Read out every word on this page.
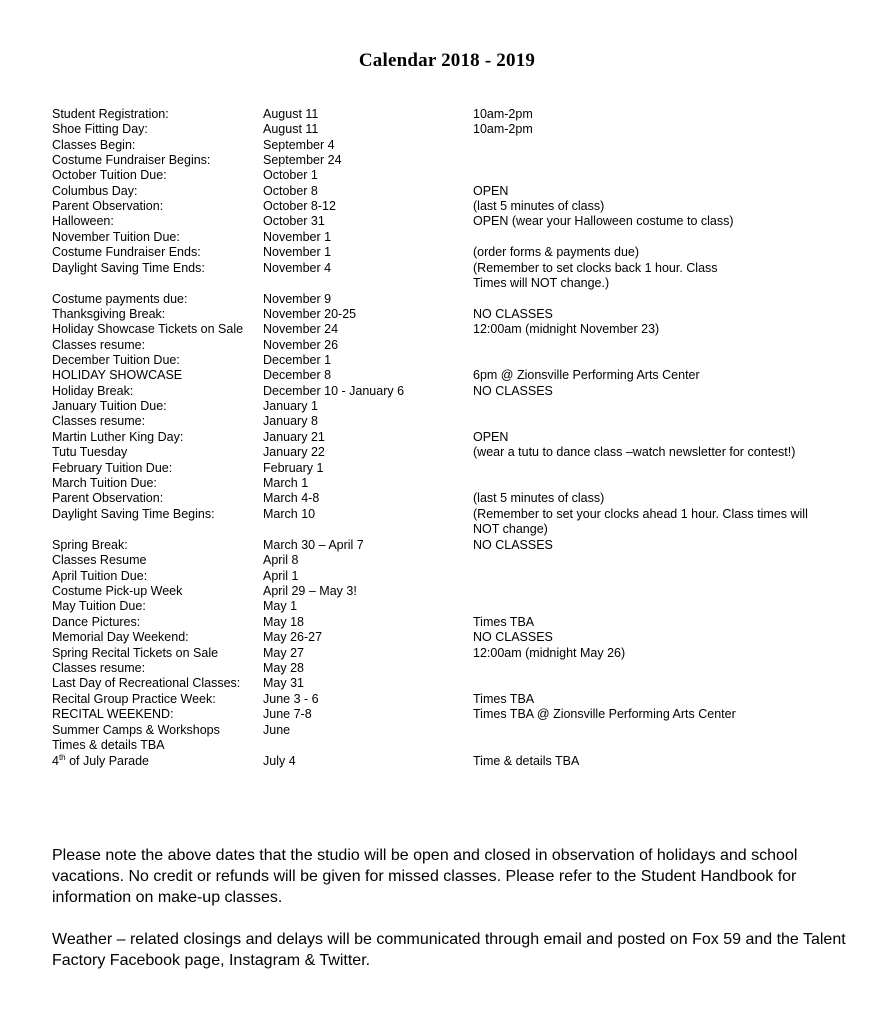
Calendar 2018 - 2019
Student Registration:	August 11	10am-2pm
Shoe Fitting Day:	August 11	10am-2pm
Classes Begin:	September 4
Costume Fundraiser Begins:	September 24
October Tuition Due:	October 1
Columbus Day:	October 8	OPEN
Parent Observation:	October 8-12	(last 5 minutes of class)
Halloween:	October 31	OPEN (wear your Halloween costume to class)
November Tuition Due:	November 1
Costume Fundraiser Ends:	November 1	(order forms & payments due)
Daylight Saving Time Ends:	November 4	(Remember to set clocks back 1 hour. Class
Times will NOT change.)
Costume payments due:	November 9
Thanksgiving Break:	November 20-25	NO CLASSES
Holiday Showcase Tickets on Sale November 24	12:00am (midnight November 23)
Classes resume:	November 26
December Tuition Due:	December 1
HOLIDAY SHOWCASE	December 8	6pm @ Zionsville Performing Arts Center
Holiday Break:	December 10 - January 6	NO CLASSES
January Tuition Due:	January 1
Classes resume:	January 8
Martin Luther King Day:	January 21	OPEN
Tutu Tuesday	January 22	(wear a tutu to dance class –watch newsletter for contest!)
February Tuition Due:	February 1
March Tuition Due:	March 1
Parent Observation:	March 4-8	(last 5 minutes of class)
Daylight Saving Time Begins:	March 10	(Remember to set your clocks ahead 1 hour. Class times will
NOT change)
Spring Break:	March 30 – April 7	NO CLASSES
Classes Resume	April 8
April Tuition Due:	April 1
Costume Pick-up Week	April 29 – May 3!
May Tuition Due:	May 1
Dance Pictures:	May 18	Times TBA
Memorial Day Weekend:	May 26-27	NO CLASSES
Spring Recital Tickets on Sale	May 27	12:00am (midnight May 26)
Classes resume:	May 28
Last Day of Recreational Classes: May 31
Recital Group Practice Week:	June 3 - 6	Times TBA
RECITAL WEEKEND:	June 7-8	Times TBA @ Zionsville Performing Arts Center
Summer Camps & Workshops	June
Times & details TBA
4th of July Parade	July 4	Time & details TBA
Please note the above dates that the studio will be open and closed in observation of holidays and school vacations. No credit or refunds will be given for missed classes. Please refer to the Student Handbook for information on make-up classes.
Weather – related closings and delays will be communicated through email and posted on Fox 59 and the Talent Factory Facebook page, Instagram & Twitter.
